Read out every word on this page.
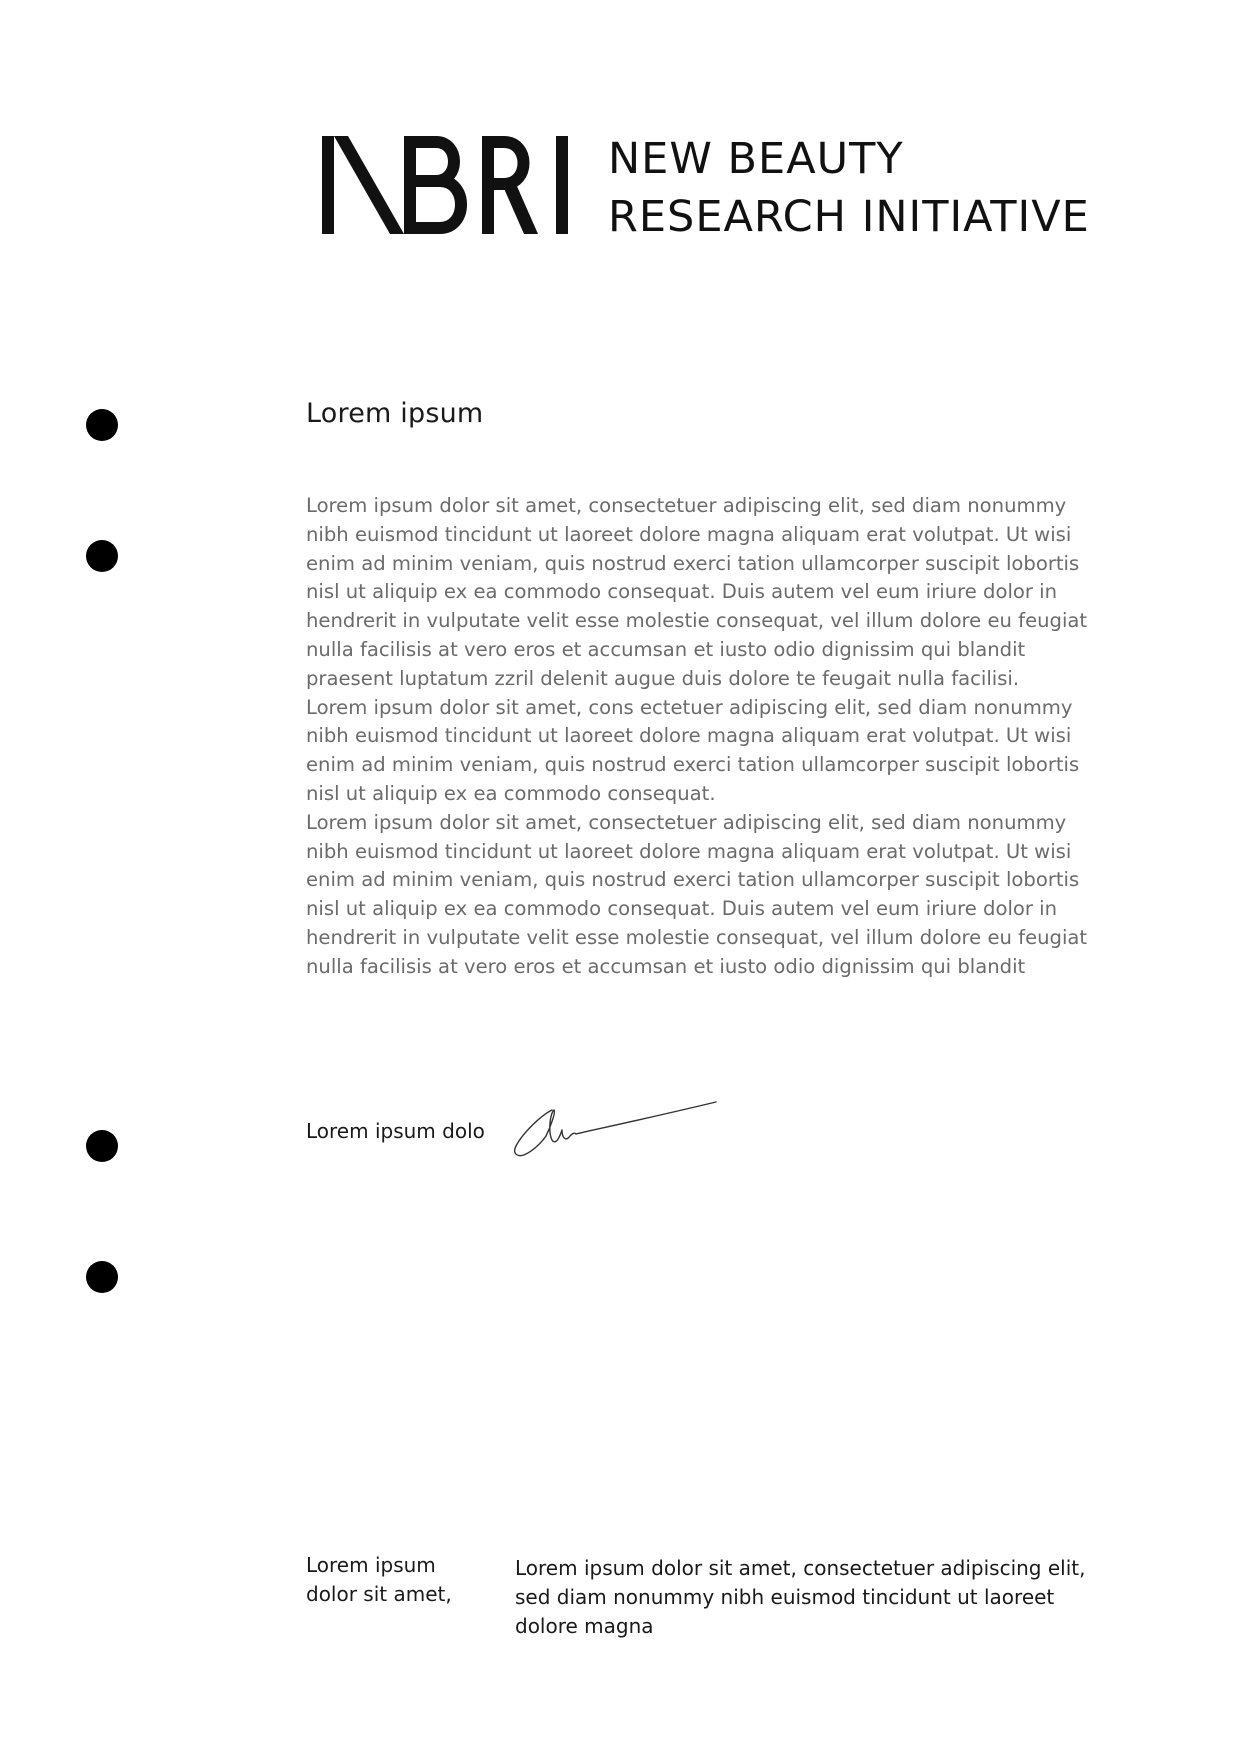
NEW BEAUTY
RESEARCH INITIATIVE
Lorem ipsum

Lorem ipsum dolor sit amet, consectetuer adipiscing elit, sed diam nonummy

nibh euismod tincidunt ut laoreet dolore magna aliquam erat volutpat. Ut wisi

enim ad minim veniam, quis nostrud exerci tation ullamcorper suscipit lobortis

nisl ut aliquip ex ea commodo consequat. Duis autem vel eum iriure dolor in

hendrerit in vulputate velit esse molestie consequat, vel illum dolore eu feugiat

nulla facilisis at vero eros et accumsan et iusto odio dignissim qui blandit

praesent luptatum zzril delenit augue duis dolore te feugait nulla facilisi.

Lorem ipsum dolor sit amet, cons ectetuer adipiscing elit, sed diam nonummy

nibh euismod tincidunt ut laoreet dolore magna aliquam erat volutpat. Ut wisi

enim ad minim veniam, quis nostrud exerci tation ullamcorper suscipit lobortis

nisl ut aliquip ex ea commodo consequat.

Lorem ipsum dolor sit amet, consectetuer adipiscing elit, sed diam nonummy

nibh euismod tincidunt ut laoreet dolore magna aliquam erat volutpat. Ut wisi

enim ad minim veniam, quis nostrud exerci tation ullamcorper suscipit lobortis

nisl ut aliquip ex ea commodo consequat. Duis autem vel eum iriure dolor in

hendrerit in vulputate velit esse molestie consequat, vel illum dolore eu feugiat

nulla facilisis at vero eros et accumsan et iusto odio dignissim qui blandit

Lorem ipsum dolo
Lorem ipsum
dolor sit amet,
Lorem ipsum dolor sit amet, consectetuer adipiscing elit,
sed diam nonummy nibh euismod tincidunt ut laoreet
dolore magna
